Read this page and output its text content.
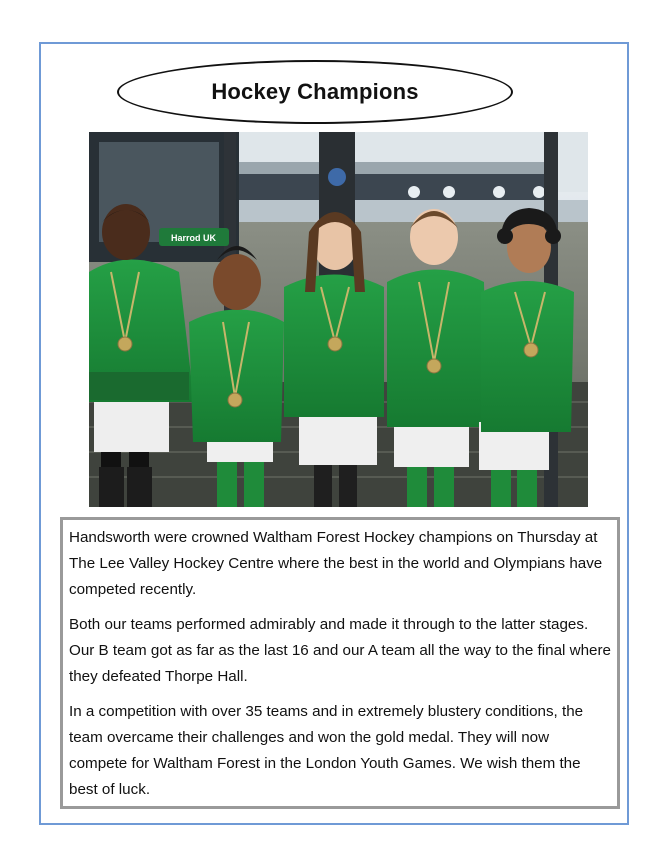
Hockey Champions
Harrod UK

Handsworth were crowned Waltham Forest Hockey champions on Thursday at The Lee Valley Hockey Centre where the best in the world and Olympians have competed recently.

Both our teams performed admirably and made it through to the latter stages. Our B team got as far as the last 16 and our A team all the way to the final where they defeated Thorpe Hall.

In a competition with over 35 teams and in extremely blustery conditions, the team overcame their challenges and won the gold medal. They will now compete for Waltham Forest in the London Youth Games. We wish them the best of luck.
